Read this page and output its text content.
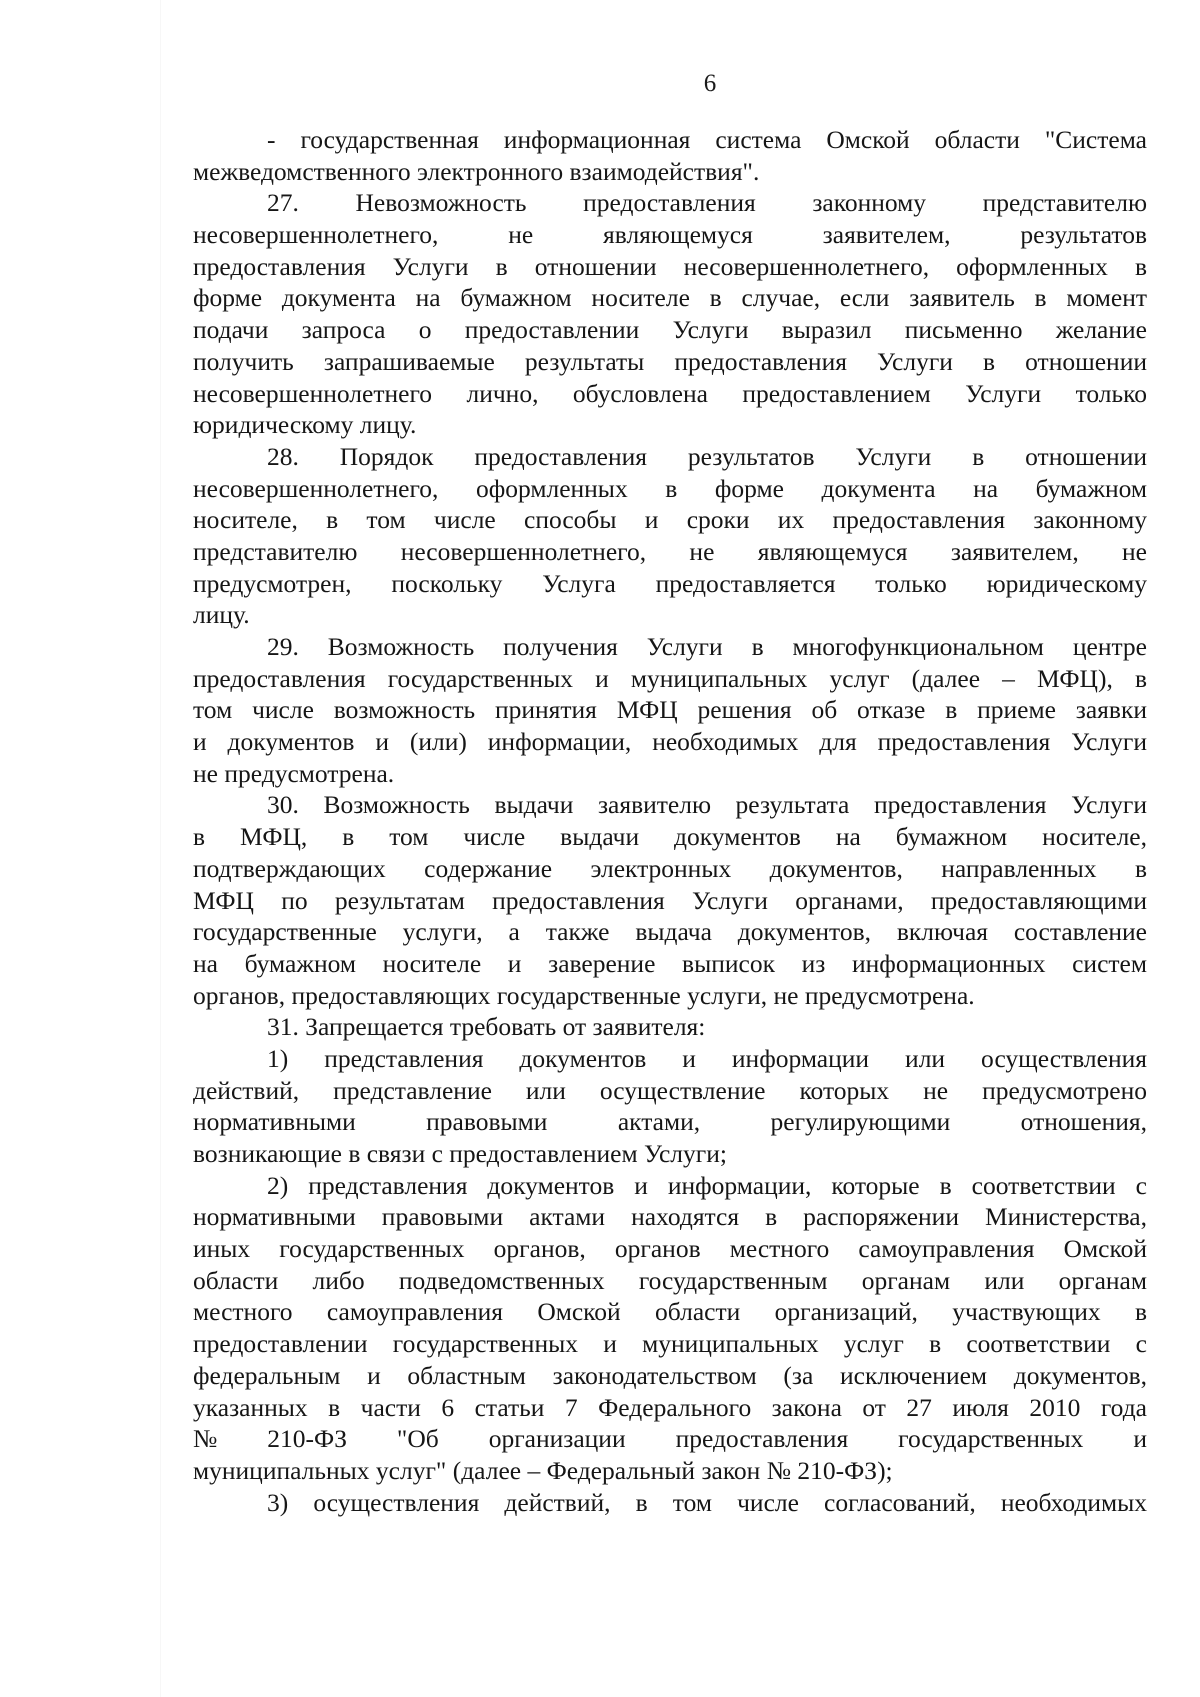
6
- государственная информационная система Омской области "Система
межведомственного электронного взаимодействия".
27. Невозможность предоставления законному представителю
несовершеннолетнего, не являющемуся заявителем, результатов
предоставления Услуги в отношении несовершеннолетнего, оформленных в
форме документа на бумажном носителе в случае, если заявитель в момент
подачи запроса о предоставлении Услуги выразил письменно желание
получить запрашиваемые результаты предоставления Услуги в отношении
несовершеннолетнего лично, обусловлена предоставлением Услуги только
юридическому лицу.
28. Порядок предоставления результатов Услуги в отношении
несовершеннолетнего, оформленных в форме документа на бумажном
носителе, в том числе способы и сроки их предоставления законному
представителю несовершеннолетнего, не являющемуся заявителем, не
предусмотрен, поскольку Услуга предоставляется только юридическому
лицу.
29. Возможность получения Услуги в многофункциональном центре
предоставления государственных и муниципальных услуг (далее – МФЦ), в
том числе возможность принятия МФЦ решения об отказе в приеме заявки
и документов и (или) информации, необходимых для предоставления Услуги
не предусмотрена.
30. Возможность выдачи заявителю результата предоставления Услуги
в МФЦ, в том числе выдачи документов на бумажном носителе,
подтверждающих содержание электронных документов, направленных в
МФЦ по результатам предоставления Услуги органами, предоставляющими
государственные услуги, а также выдача документов, включая составление
на бумажном носителе и заверение выписок из информационных систем
органов, предоставляющих государственные услуги, не предусмотрена.
31. Запрещается требовать от заявителя:
1) представления документов и информации или осуществления
действий, представление или осуществление которых не предусмотрено
нормативными правовыми актами, регулирующими отношения,
возникающие в связи с предоставлением Услуги;
2) представления документов и информации, которые в соответствии с
нормативными правовыми актами находятся в распоряжении Министерства,
иных государственных органов, органов местного самоуправления Омской
области либо подведомственных государственным органам или органам
местного самоуправления Омской области организаций, участвующих в
предоставлении государственных и муниципальных услуг в соответствии с
федеральным и областным законодательством (за исключением документов,
указанных в части 6 статьи 7 Федерального закона от 27 июля 2010 года
№ 210-ФЗ "Об организации предоставления государственных и
муниципальных услуг" (далее – Федеральный закон № 210-ФЗ);
3) осуществления действий, в том числе согласований, необходимых
